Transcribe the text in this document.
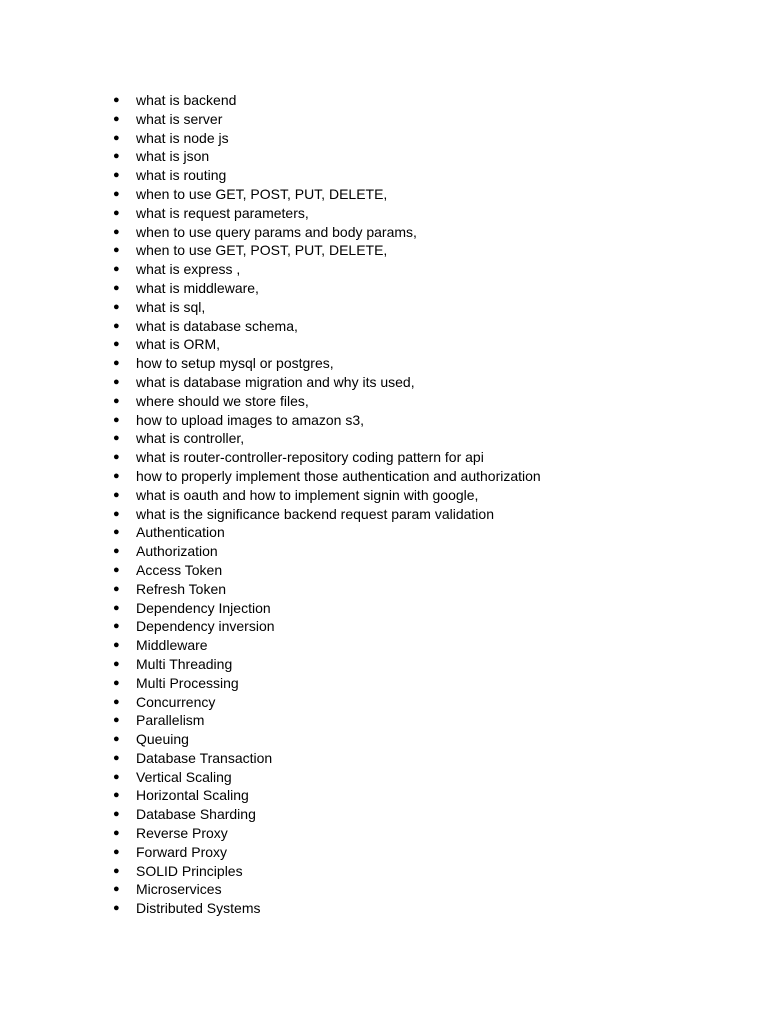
● what is backend
● what is server
● what is node js
● what is json
● what is routing
● when to use GET, POST, PUT, DELETE,
● what is request parameters,
● when to use query params and body params,
● when to use GET, POST, PUT, DELETE,
● what is express ,
● what is middleware,
● what is sql,
● what is database schema,
● what is ORM,
● how to setup mysql or postgres,
● what is database migration and why its used,
● where should we store files,
● how to upload images to amazon s3,
● what is controller,
● what is router-controller-repository coding pattern for api
● how to properly implement those authentication and authorization
● what is oauth and how to implement signin with google,
● what is the significance backend request param validation
● Authentication
● Authorization
● Access Token
● Refresh Token
● Dependency Injection
● Dependency inversion
● Middleware
● Multi Threading
● Multi Processing
● Concurrency
● Parallelism
● Queuing
● Database Transaction
● Vertical Scaling
● Horizontal Scaling
● Database Sharding
● Reverse Proxy
● Forward Proxy
● SOLID Principles
● Microservices
● Distributed Systems
